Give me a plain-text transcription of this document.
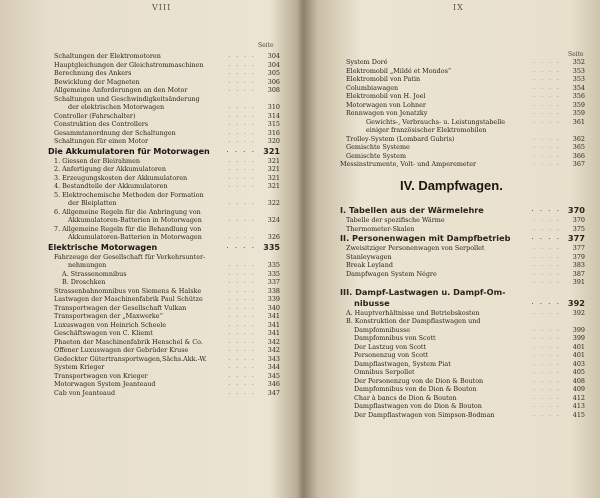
VIII
Seite
Schaltungen der Elektromotoren	. . . .	304
Hauptgleichungen der Gleichstrommaschinen	. . . .	304
Berechnung des Ankers	. . . .	305
Bewicklung der Magneten	. . . .	306
Allgemeine Anforderungen an den Motor	. . . .	308
Schaltungen und Geschwindigkeitsänderung
der elektrischen Motorwagen	. . . .	310
Controller (Fahrschalter)	. . . .	314
Construktion des Controllers	. . . .	315
Gesammtanordnung der Schaltungen	. . . .	316
Schaltungen für einen Motor	. . . .	320
Die Akkumulatoren für Motorwagen	. . . . 321
1. Giessen der Bleirahmen	. . . .	321
2. Anfertigung der Akkumulatoren	. . . .	321
3. Erzeugungskosten der Akkumulatoren	. . . .	321
4. Bestandteile der Akkumulatoren	. . . .	321
5. Elektrochemische Methoden der Formation
der Bleiplatten	. . . .	322
6. Allgemeine Regeln für die Anbringung von
Akkumulatoren-Batterien in Motorwagen	. . . .	324
7. Allgemeine Regeln für die Behandlung von
Akkumulatoren-Batterien in Motorwagen	. . . .	326
Elektrische Motorwagen	. . . . 335
Fahrzeuge der Gesellschaft für Verkehrsunter-
nehmungen	. . . .	335
A. Strassenomnibus	. . . .	335
B. Droschken	. . . .	337
Strassenbahnomnibus von Siemens & Halske	. . . .	338
Lastwagen der Maschinenfabrik Paul Schütze	. . . .	339
Transportwagen der Gesellschaft Vulkan	. . . .	340
Transportwagen der „Maxwerke“	. . . .	341
Luxuswagen von Heinrich Scheele	. . . .	341
Geschäftswagen von C. Kliemt	. . . .	341
Phaeton der Maschinenfabrik Henschel & Co.	. . . .	342
Offener Luxuswagen der Gebrüder Kruse	. . . .	342
Gedeckter Gütertransportwagen,Sächs.Akk.-W.	. . . .	343
System Krieger	. . . .	344
Transportwagen von Krieger	. . . .	345
Motorwagen System Jeanteaud	. . . .	346
Cab von Jeanteaud	. . . .	347
IX
Seite
System Doré	. . . .	352
Elektromobil „Mildé et Mondos“	. . . .	353
Elektromobil von Patin	. . . .	353
Columbiawagen	. . . .	354
Elektromobil von H. Joel	. . . .	356
Motorwagen von Lohner	. . . .	359
Rennwagen von Jenatzky	. . . .	359
Gewichts-, Verbrauchs- u. Leistungstabelle	. . . .	361
einiger französischer Elektromobilen
Trolley-System (Lombard Gubris)	. . . .	362
Gemischte Systeme	. . . .	365
Gemischte System	. . . .	366
Messinstrumente, Volt- und Amperemeter	. . . .	367
IV. Dampfwagen.
I. Tabellen aus der Wärmelehre	. . . . 370
Tabelle der spezifische Wärme	. . . .	370
Thermometer-Skalen	. . . .	375
II. Personenwagen mit Dampfbetrieb	. . . . 377
Zweisitziger Personenwagen von Serpollet	. . . .	377
Stanleywagen	. . . .	379
Break Leyland	. . . .	383
Dampfwagen System Négre	. . . .	387
. . . .	391
III. Dampf-Lastwagen u. Dampf-Om-
nibusse	. . . . 392
A. Hauptverhältnisse und Betriebskosten	. . . .	392
B. Konstruktion der Dampflastwagen und
Dampfomnibusse	. . . .	399
Dampfomnibus von Scott	. . . .	399
Der Lastzug von Scott	. . . .	401
Personenzug von Scott	. . . .	401
Dampflastwagen, System Piat	. . . .	403
Omnibus Serpollet	. . . .	405
Der Personenzug von de Dion & Bouton	. . . .	408
Dampfomnibus von de Dion & Bouton	. . . .	409
Char à bancs de Dion & Bouton	. . . .	412
Dampflastwagen von de Dion & Bouton	. . . .	413
Der Dampflastwagen von Simpson-Bodman	. . . .	415
